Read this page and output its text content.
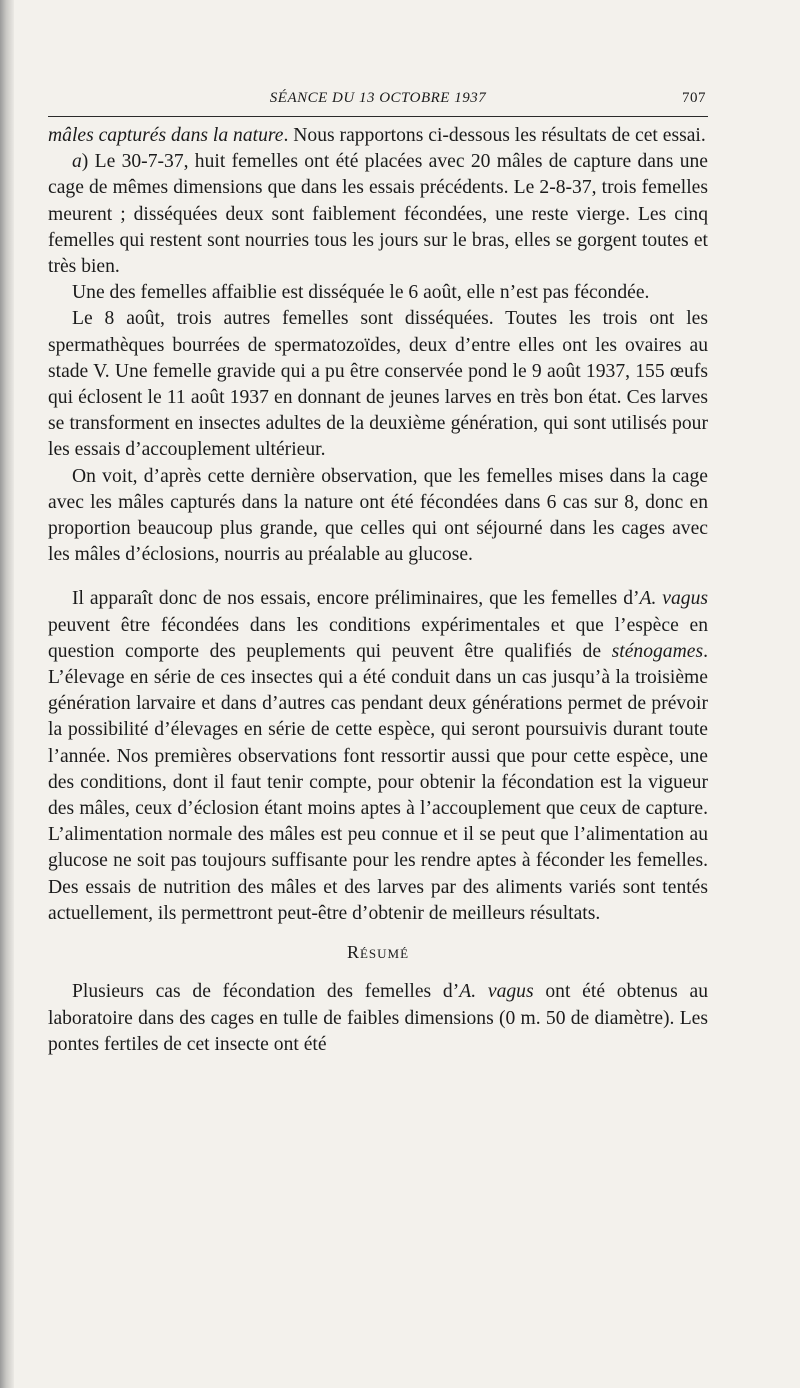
SÉANCE DU 13 OCTOBRE 1937	707

mâles capturés dans la nature. Nous rapportons ci-dessous les résultats de cet essai.

a) Le 30-7-37, huit femelles ont été placées avec 20 mâles de capture dans une cage de mêmes dimensions que dans les essais précédents. Le 2-8-37, trois femelles meurent ; disséquées deux sont faiblement fécondées, une reste vierge. Les cinq femelles qui restent sont nourries tous les jours sur le bras, elles se gorgent toutes et très bien.

Une des femelles affaiblie est disséquée le 6 août, elle n’est pas fécondée.

Le 8 août, trois autres femelles sont disséquées. Toutes les trois ont les spermathèques bourrées de spermatozoïdes, deux d’entre elles ont les ovaires au stade V. Une femelle gravide qui a pu être conservée pond le 9 août 1937, 155 œufs qui éclosent le 11 août 1937 en donnant de jeunes larves en très bon état. Ces larves se transforment en insectes adultes de la deuxième génération, qui sont utilisés pour les essais d’accouplement ultérieur.

On voit, d’après cette dernière observation, que les femelles mises dans la cage avec les mâles capturés dans la nature ont été fécondées dans 6 cas sur 8, donc en proportion beaucoup plus grande, que celles qui ont séjourné dans les cages avec les mâles d’éclosions, nourris au préalable au glucose.

Il apparaît donc de nos essais, encore préliminaires, que les femelles d’A. vagus peuvent être fécondées dans les conditions expérimentales et que l’espèce en question comporte des peuplements qui peuvent être qualifiés de sténogames. L’élevage en série de ces insectes qui a été conduit dans un cas jusqu’à la troisième génération larvaire et dans d’autres cas pendant deux générations permet de prévoir la possibilité d’élevages en série de cette espèce, qui seront poursuivis durant toute l’année. Nos premières observations font ressortir aussi que pour cette espèce, une des conditions, dont il faut tenir compte, pour obtenir la fécondation est la vigueur des mâles, ceux d’éclosion étant moins aptes à l’accouplement que ceux de capture. L’alimentation normale des mâles est peu connue et il se peut que l’alimentation au glucose ne soit pas toujours suffisante pour les rendre aptes à féconder les femelles. Des essais de nutrition des mâles et des larves par des aliments variés sont tentés actuellement, ils permettront peut-être d’obtenir de meilleurs résultats.

Résumé

Plusieurs cas de fécondation des femelles d’A. vagus ont été obtenus au laboratoire dans des cages en tulle de faibles dimensions (0 m. 50 de diamètre). Les pontes fertiles de cet insecte ont été
